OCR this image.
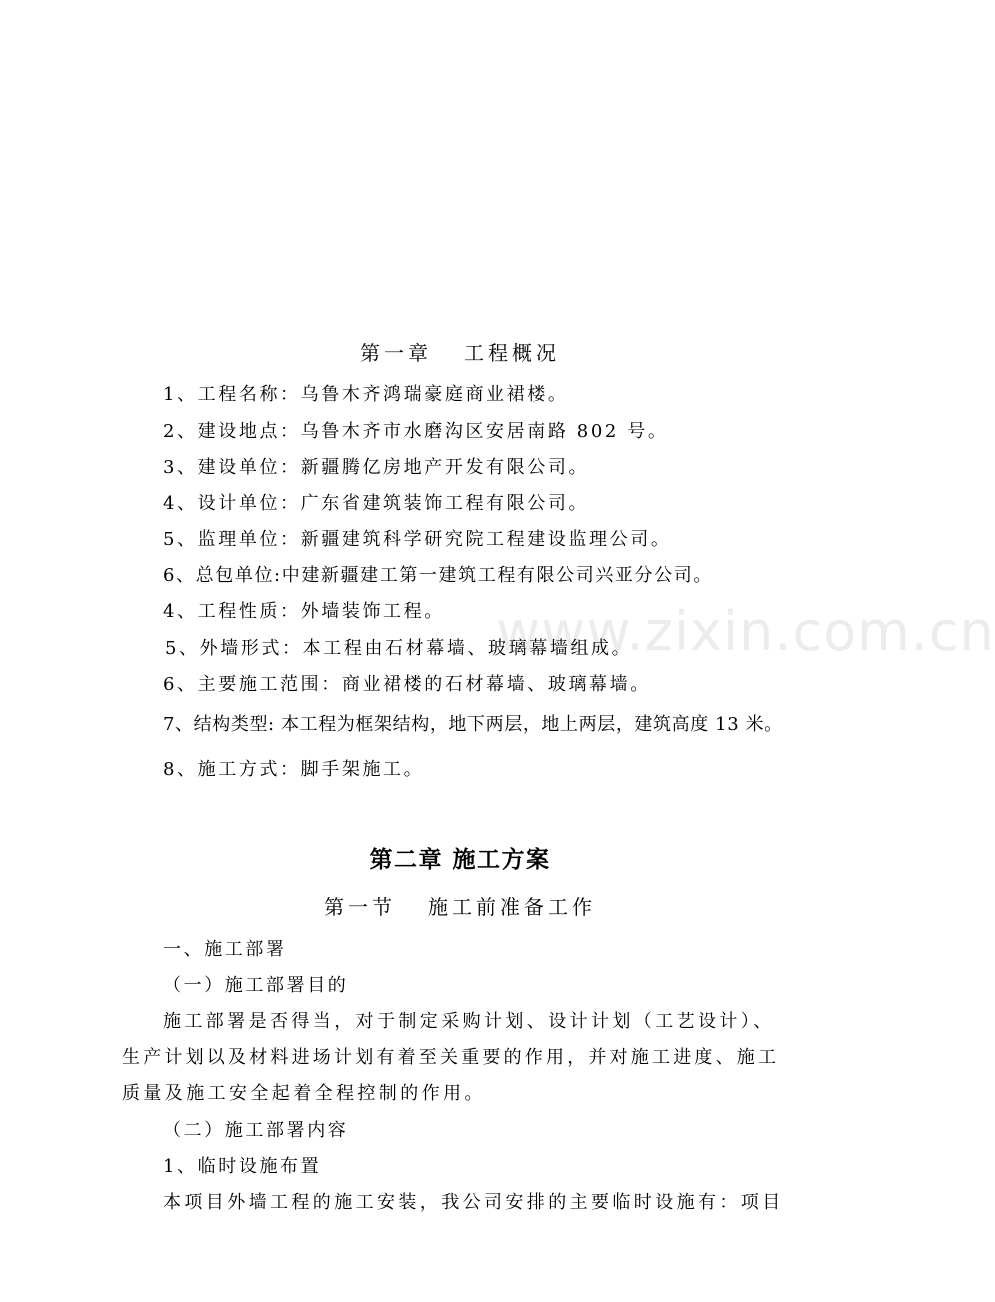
www.zixin.com.cn
第一章 工程概况
1、工程名称：乌鲁木齐鸿瑞豪庭商业裙楼。
2、建设地点：乌鲁木齐市水磨沟区安居南路 802 号。
3、建设单位：新疆腾亿房地产开发有限公司。
4、设计单位：广东省建筑装饰工程有限公司。
5、监理单位：新疆建筑科学研究院工程建设监理公司。
6、总包单位:中建新疆建工第一建筑工程有限公司兴亚分公司。
4、工程性质：外墙装饰工程。
5、外墙形式：本工程由石材幕墙、玻璃幕墙组成。
6、主要施工范围：商业裙楼的石材幕墙、玻璃幕墙。
7、结构类型: 本工程为框架结构，地下两层，地上两层，建筑高度 13 米。
8、施工方式：脚手架施工。
第二章 施工方案
第一节 施工前准备工作
一、施工部署
（一）施工部署目的
施工部署是否得当，对于制定采购计划、设计计划（工艺设计）、
生产计划以及材料进场计划有着至关重要的作用，并对施工进度、施工
质量及施工安全起着全程控制的作用。
（二）施工部署内容
1、临时设施布置
本项目外墙工程的施工安装，我公司安排的主要临时设施有：项目
